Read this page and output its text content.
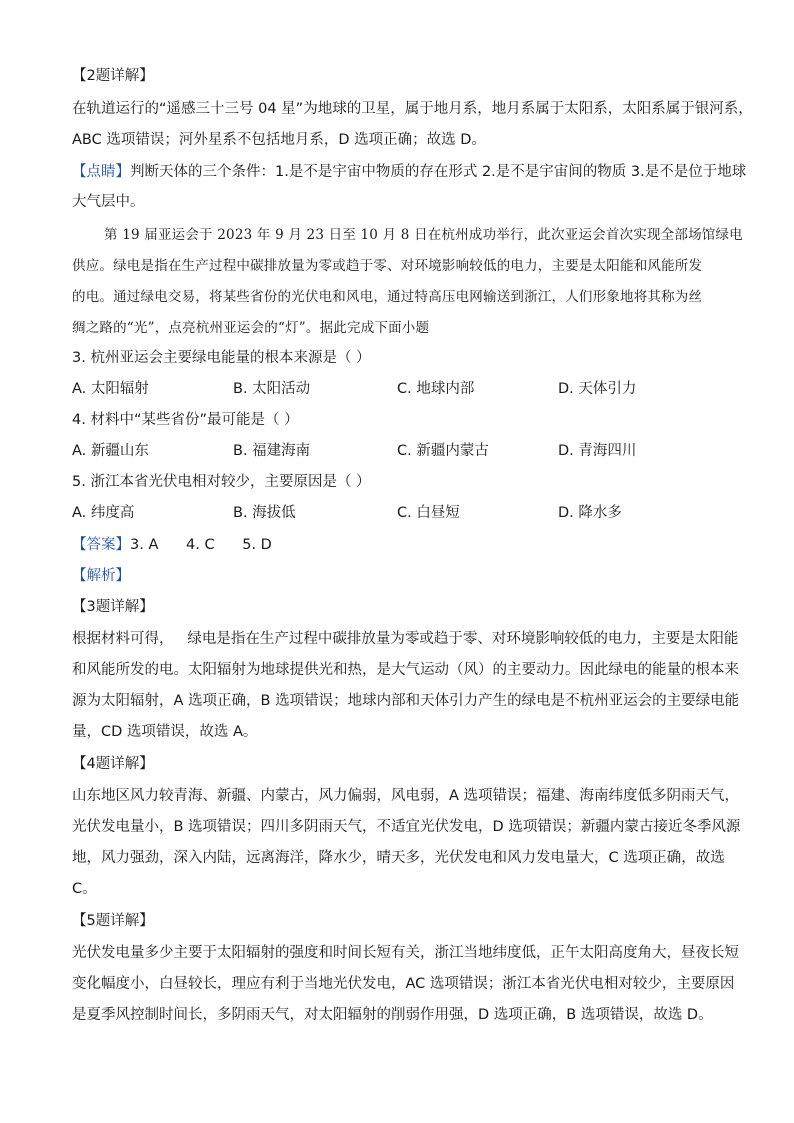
【2题详解】
在轨道运行的“遥感三十三号 04 星”为地球的卫星，属于地月系，地月系属于太阳系，太阳系属于银河系，
ABC 选项错误；河外星系不包括地月系，D 选项正确；故选 D。
【点睛】判断天体的三个条件：1.是不是宇宙中物质的存在形式 2.是不是宇宙间的物质 3.是不是位于地球
大气层中。
第 19 届亚运会于 2023 年 9 月 23 日至 10 月 8 日在杭州成功举行，此次亚运会首次实现全部场馆绿电
供应。绿电是指在生产过程中碳排放量为零或趋于零、对环境影响较低的电力，主要是太阳能和风能所发
的电。通过绿电交易，将某些省份的光伏电和风电，通过特高压电网输送到浙江，人们形象地将其称为丝
绸之路的“光”，点亮杭州亚运会的“灯”。据此完成下面小题
3. 杭州亚运会主要绿电能量的根本来源是（ ）
A. 太阳辐射	B. 太阳活动	C. 地球内部	D. 天体引力
4. 材料中“某些省份”最可能是（ ）
A. 新疆山东	B. 福建海南	C. 新疆内蒙古	D. 青海四川
5. 浙江本省光伏电相对较少，主要原因是（ ）
A. 纬度高	B. 海拔低	C. 白昼短	D. 降水多
【答案】3. A      4. C      5. D
【解析】
【3题详解】
根据材料可得，   绿电是指在生产过程中碳排放量为零或趋于零、对环境影响较低的电力，主要是太阳能
和风能所发的电。太阳辐射为地球提供光和热，是大气运动（风）的主要动力。因此绿电的能量的根本来
源为太阳辐射，A 选项正确，B 选项错误；地球内部和天体引力产生的绿电是不杭州亚运会的主要绿电能
量，CD 选项错误，故选 A。
【4题详解】
山东地区风力较青海、新疆、内蒙古，风力偏弱，风电弱，A 选项错误；福建、海南纬度低多阴雨天气，
光伏发电量小，B 选项错误；四川多阴雨天气，不适宜光伏发电，D 选项错误；新疆内蒙古接近冬季风源
地，风力强劲，深入内陆，远离海洋，降水少，晴天多，光伏发电和风力发电量大，C 选项正确，故选
C。
【5题详解】
光伏发电量多少主要于太阳辐射的强度和时间长短有关，浙江当地纬度低，正午太阳高度角大，昼夜长短
变化幅度小，白昼较长，理应有利于当地光伏发电，AC 选项错误；浙江本省光伏电相对较少，主要原因
是夏季风控制时间长，多阴雨天气，对太阳辐射的削弱作用强，D 选项正确，B 选项错误，故选 D。
